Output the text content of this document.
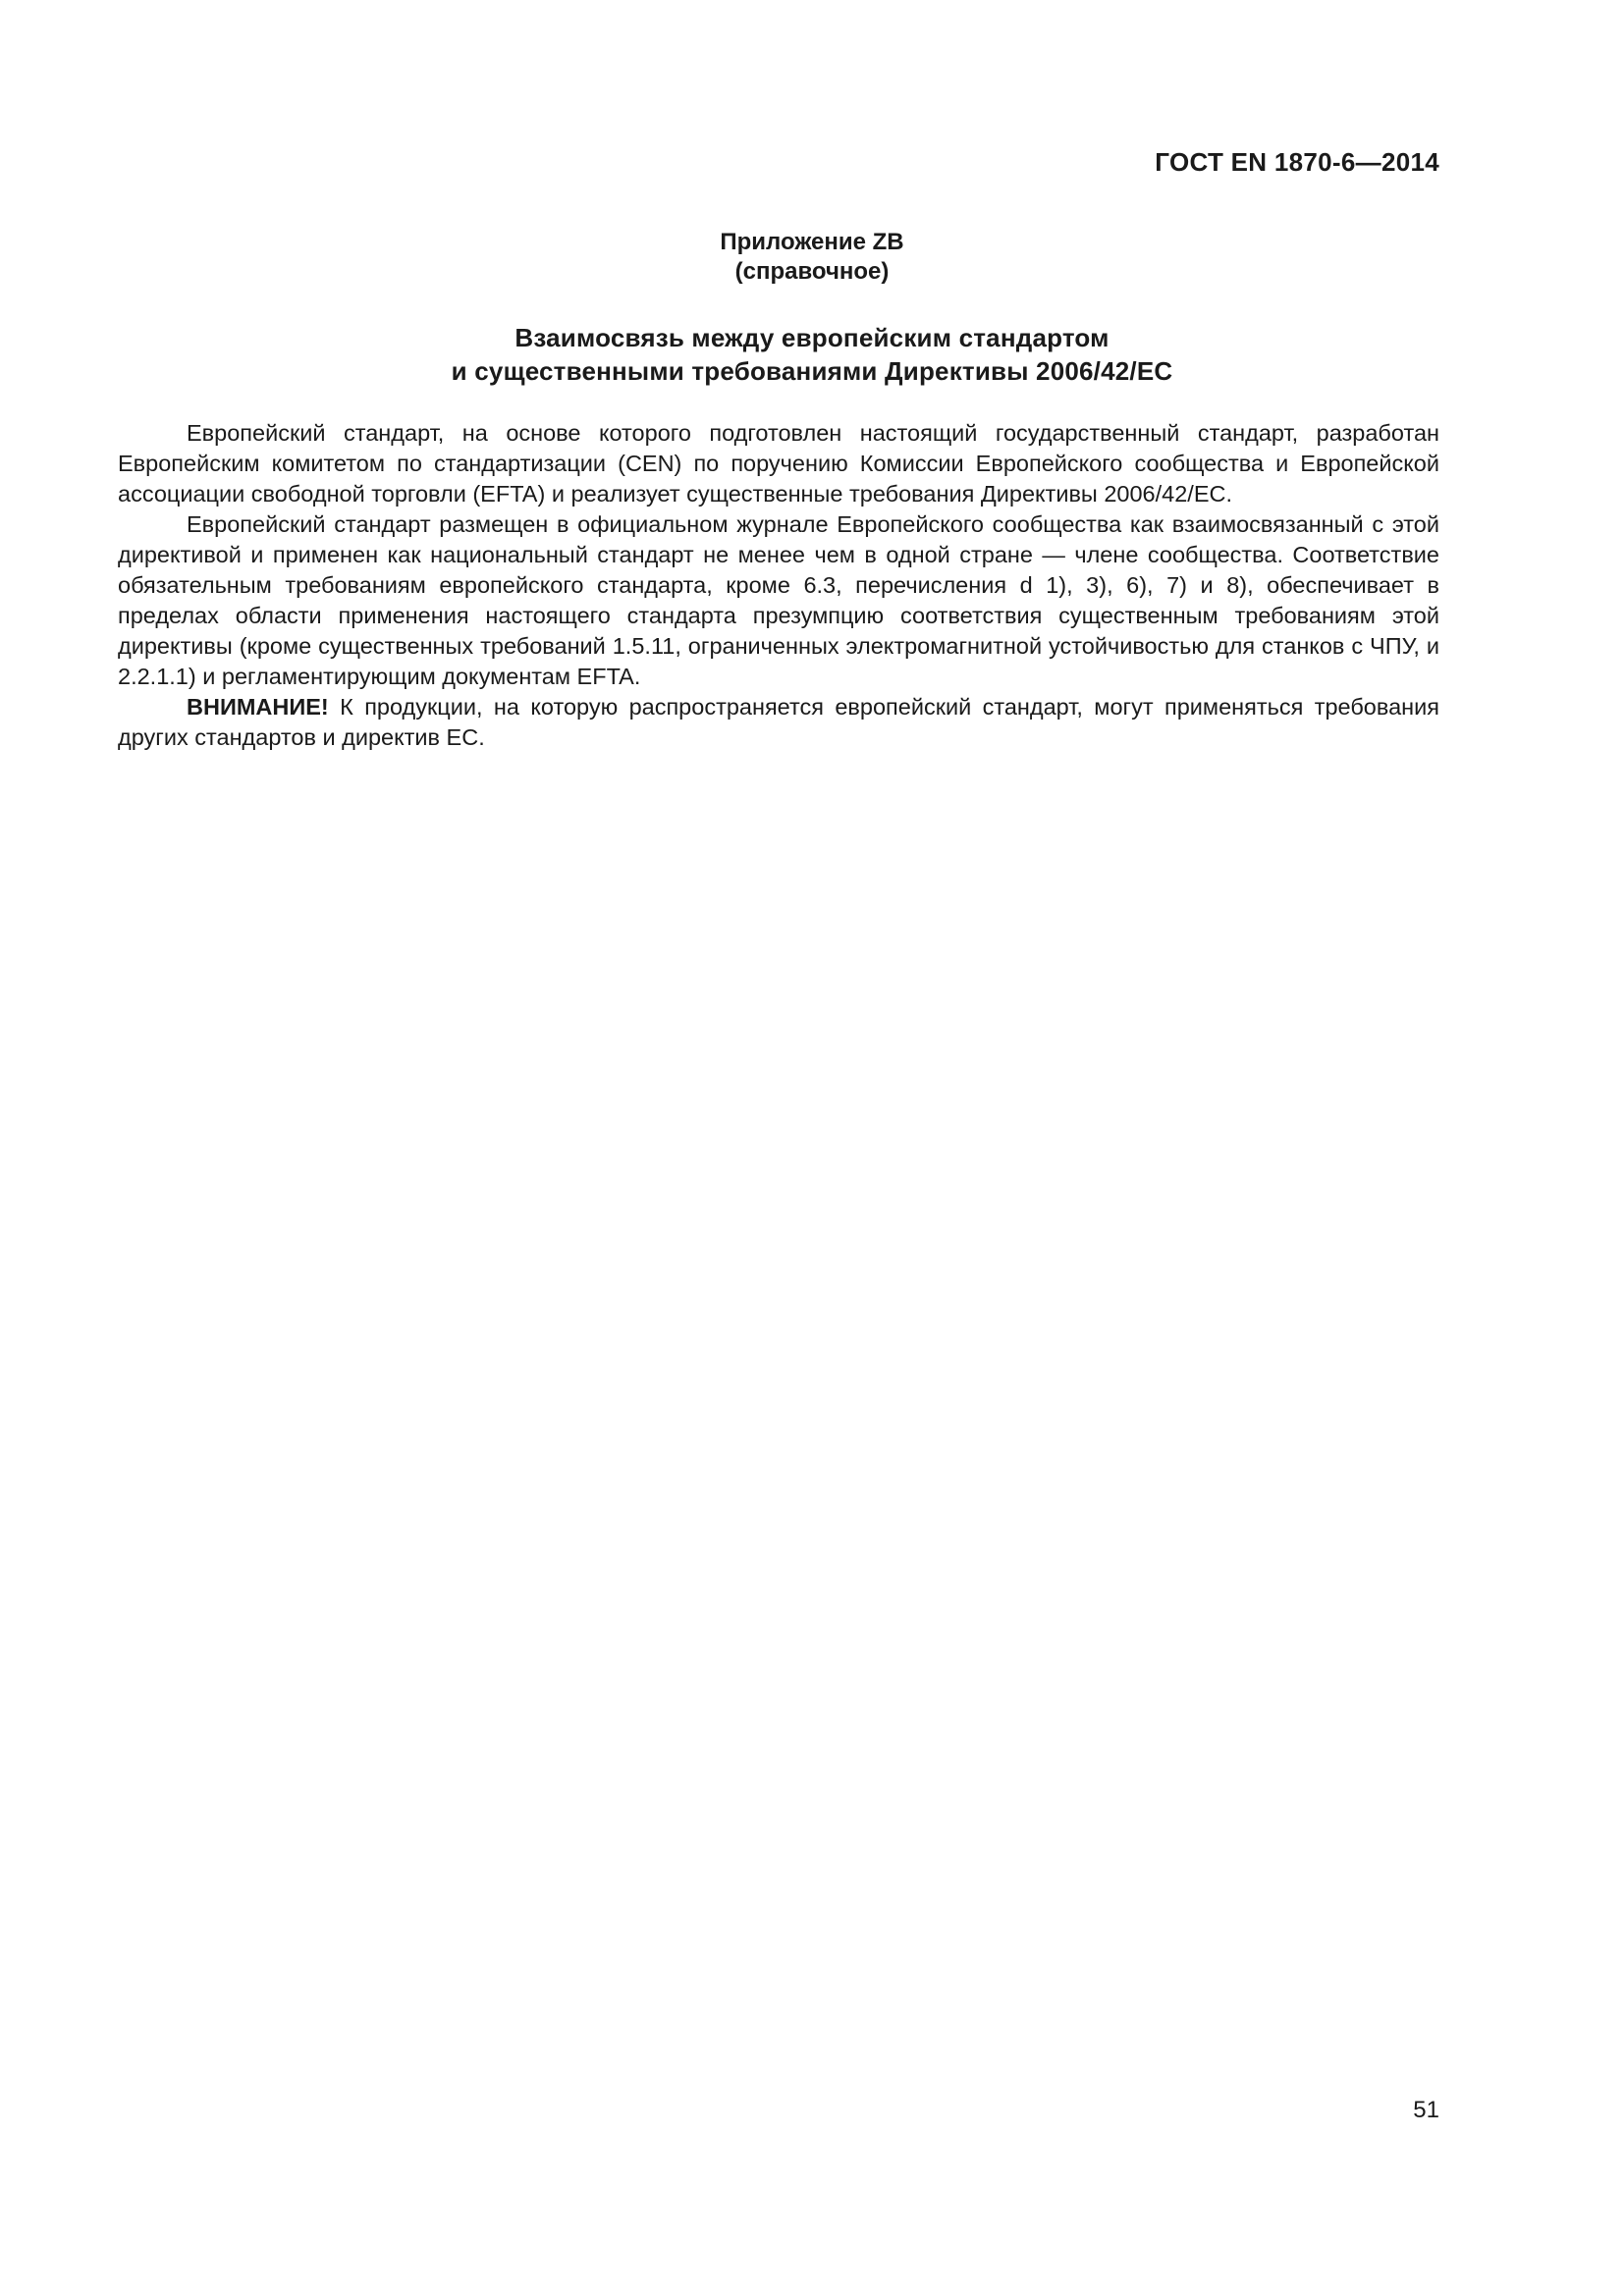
ГОСТ EN 1870-6—2014
Приложение ZB
(справочное)
Взаимосвязь между европейским стандартом
и существенными требованиями Директивы 2006/42/ЕС

Европейский стандарт, на основе которого подготовлен настоящий государственный стандарт, разработан Европейским комитетом по стандартизации (CEN) по поручению Комиссии Европейского сообщества и Европейской ассоциации свободной торговли (EFTA) и реализует существенные требования Директивы 2006/42/ЕС.

Европейский стандарт размещен в официальном журнале Европейского сообщества как взаимосвязанный с этой директивой и применен как национальный стандарт не менее чем в одной стране — члене сообщества. Соответствие обязательным требованиям европейского стандарта, кроме 6.3, перечисления d 1), 3), 6), 7) и 8), обеспечивает в пределах области применения настоящего стандарта презумпцию соответствия существенным требованиям этой директивы (кроме существенных требований 1.5.11, ограниченных электромагнитной устойчивостью для станков с ЧПУ, и 2.2.1.1) и регламентирующим документам EFTA.

ВНИМАНИЕ! К продукции, на которую распространяется европейский стандарт, могут применяться требования других стандартов и директив ЕС.

51
